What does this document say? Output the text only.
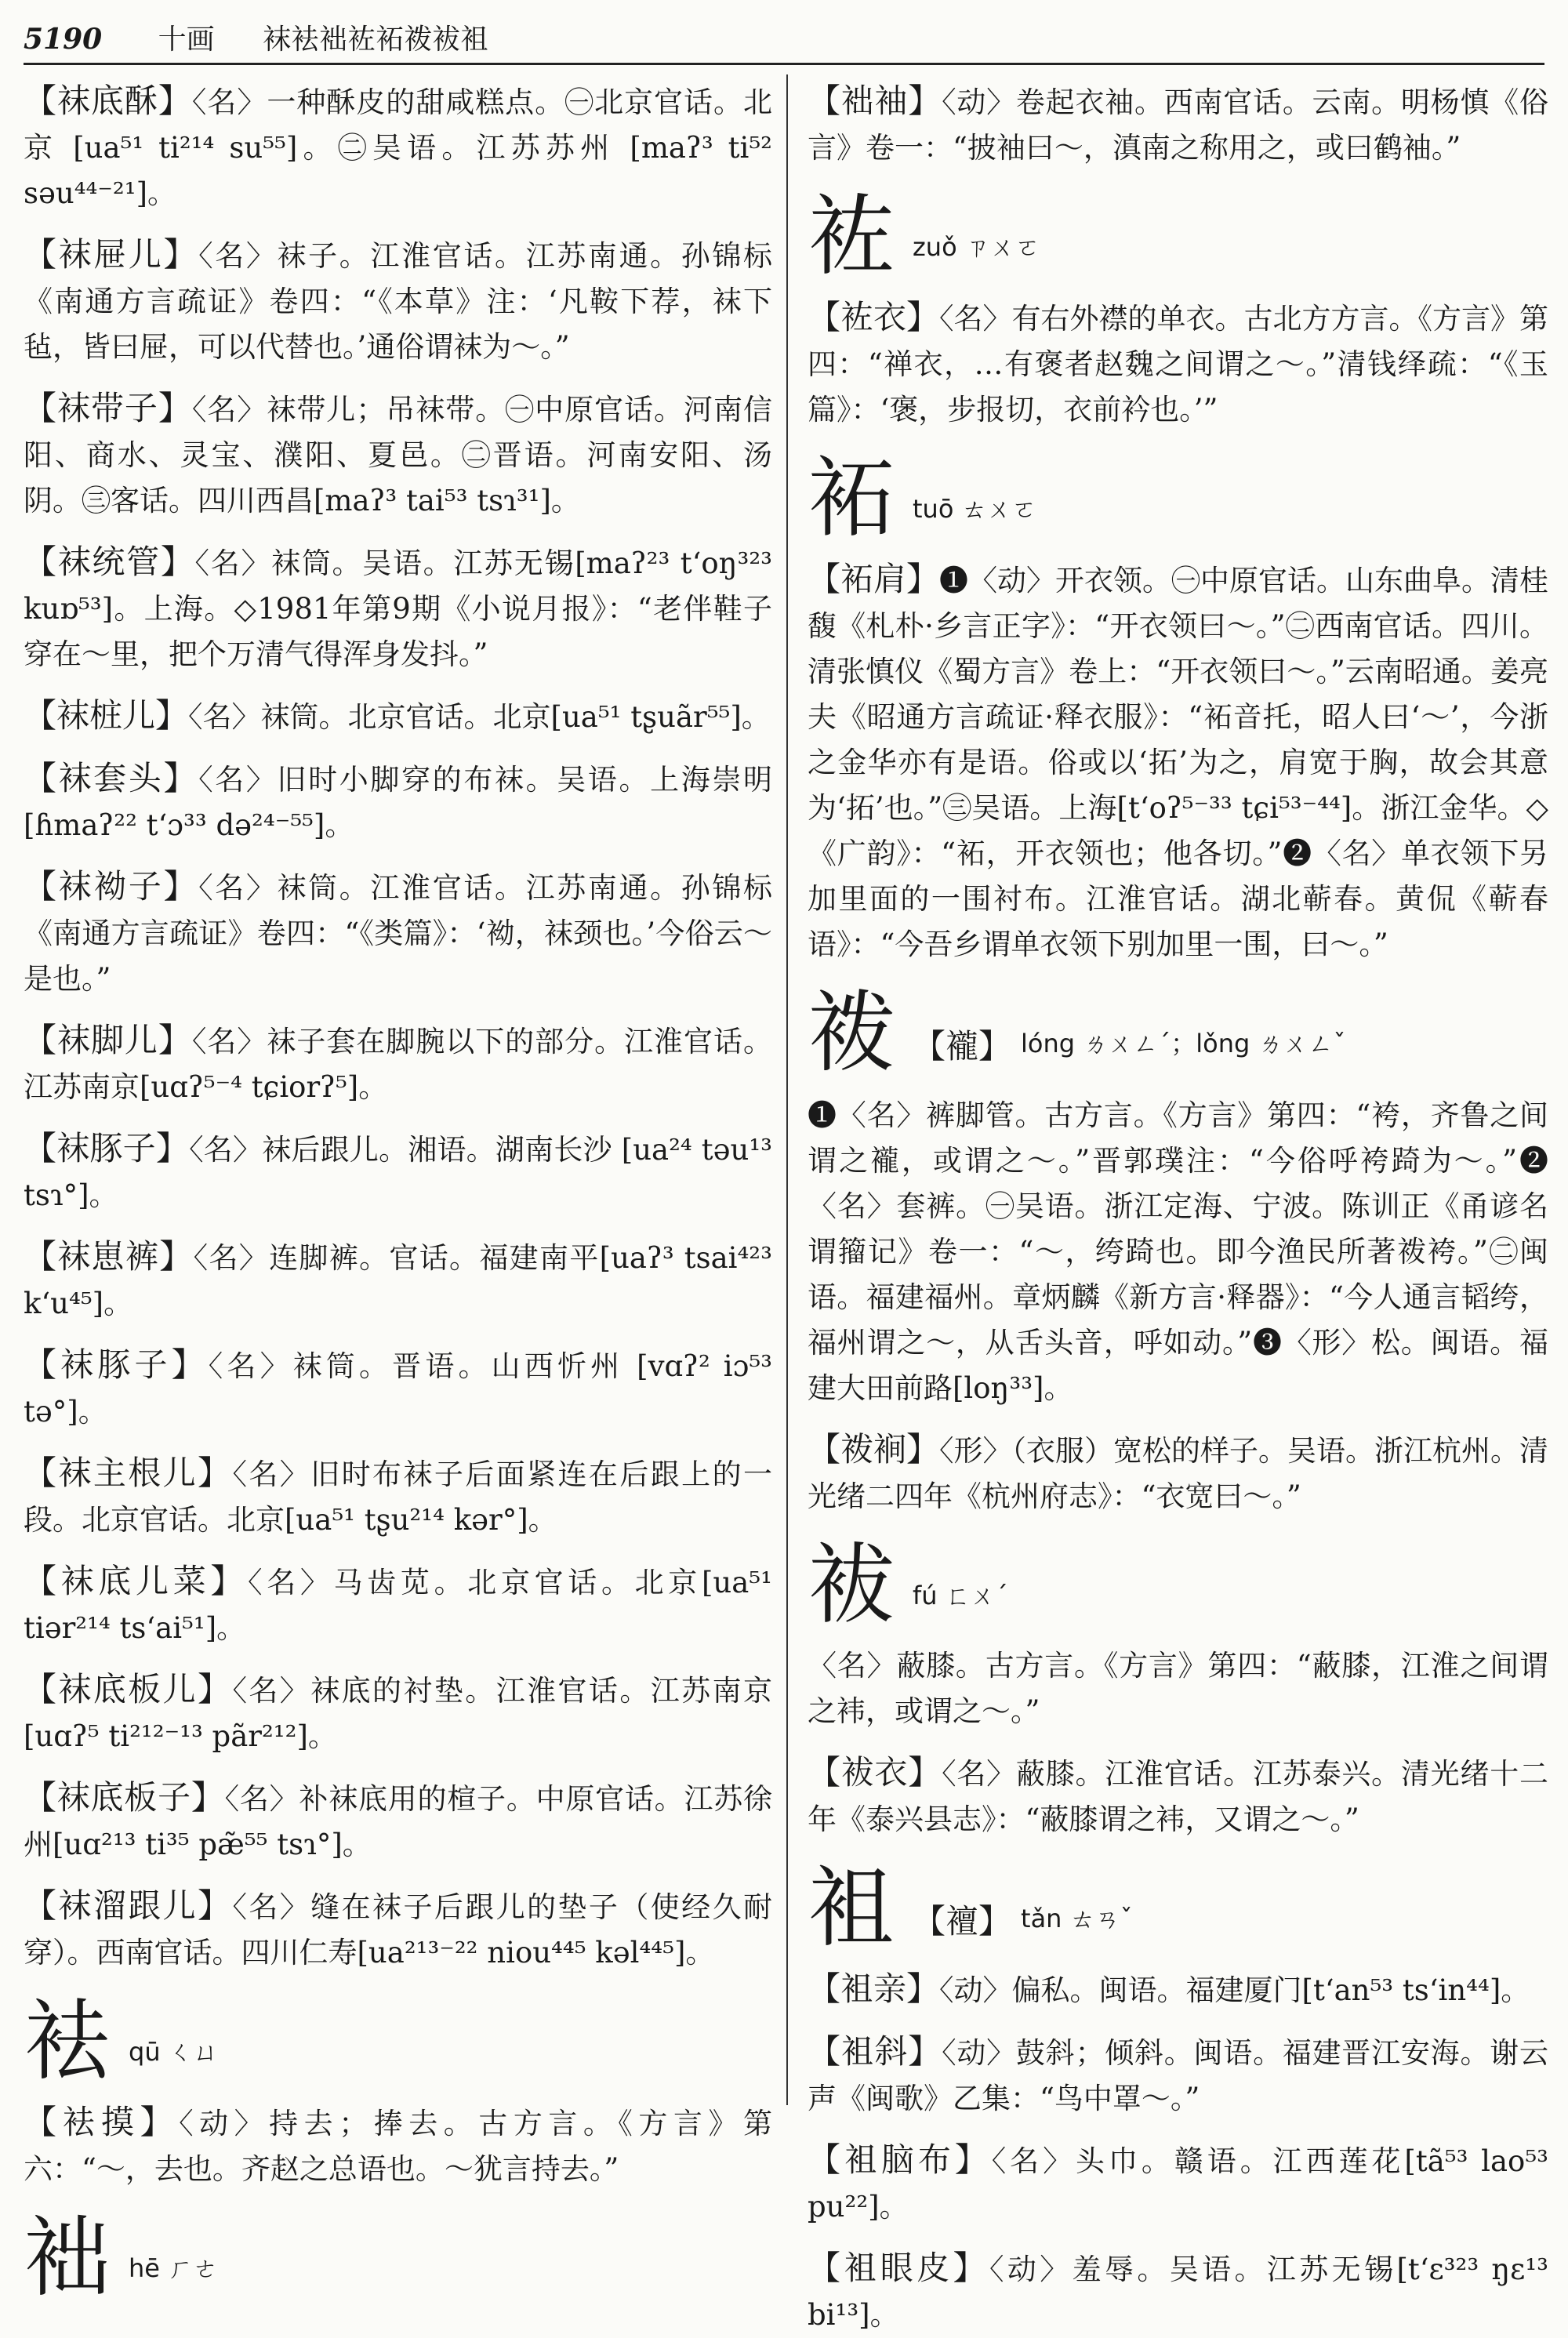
5190 十画 袜袪袦袏袥袯袚袓
【袜底酥】〈名〉一种酥皮的甜咸糕点。㊀北京官话。北京 [ua⁵¹ ti²¹⁴ su⁵⁵]。㊁吴语。江苏苏州 [maʔ³ ti⁵² səu⁴⁴⁻²¹]。
【袜屉儿】〈名〉袜子。江淮官话。江苏南通。孙锦标《南通方言疏证》卷四：“《本草》注：‘凡鞍下荐，袜下毡，皆曰屉，可以代替也。’通俗谓袜为～。”
【袜带子】〈名〉袜带儿；吊袜带。㊀中原官话。河南信阳、商水、灵宝、濮阳、夏邑。㊁晋语。河南安阳、汤阴。㊂客话。四川西昌[maʔ³ tai⁵³ tsɿ³¹]。
【袜统管】〈名〉袜筒。吴语。江苏无锡[maʔ²³ tʻoŋ³²³ kuɒ⁵³]。上海。◇1981年第9期《小说月报》：“老伴鞋子穿在～里，把个万清气得浑身发抖。”
【袜桩儿】〈名〉袜筒。北京官话。北京[ua⁵¹ tʂuãr⁵⁵]。
【袜套头】〈名〉旧时小脚穿的布袜。吴语。上海崇明[ɦmaʔ²² tʻɔ³³ də²⁴⁻⁵⁵]。
【袜袎子】〈名〉袜筒。江淮官话。江苏南通。孙锦标《南通方言疏证》卷四：“《类篇》：‘袎，袜颈也。’今俗云～是也。”
【袜脚儿】〈名〉袜子套在脚腕以下的部分。江淮官话。江苏南京[uɑʔ⁵⁻⁴ tɕiorʔ⁵]。
【袜豚子】〈名〉袜后跟儿。湘语。湖南长沙 [ua²⁴ təu¹³ tsɿ°]。
【袜崽裤】〈名〉连脚裤。官话。福建南平[uaʔ³ tsai⁴²³ kʻu⁴⁵]。
【袜豚子】〈名〉袜筒。晋语。山西忻州 [vɑʔ² iɔ⁵³ tə°]。
【袜主根儿】〈名〉旧时布袜子后面紧连在后跟上的一段。北京官话。北京[ua⁵¹ tʂu²¹⁴ kər°]。
【袜底儿菜】〈名〉马齿苋。北京官话。北京[ua⁵¹ tiər²¹⁴ tsʻai⁵¹]。
【袜底板儿】〈名〉袜底的衬垫。江淮官话。江苏南京[uɑʔ⁵ ti²¹²⁻¹³ pãr²¹²]。
【袜底板子】〈名〉补袜底用的楦子。中原官话。江苏徐州[uɑ²¹³ ti³⁵ pæ̃⁵⁵ tsɿ°]。
【袜溜跟儿】〈名〉缝在袜子后跟儿的垫子（使经久耐穿）。西南官话。四川仁寿[ua²¹³⁻²² niou⁴⁴⁵ kəl⁴⁴⁵]。
袪 qū ㄑㄩ
【袪摸】〈动〉持去；捧去。古方言。《方言》第六：“～，去也。齐赵之总语也。～犹言持去。”
袦 hē ㄏㄜ
【袦袖】〈动〉卷起衣袖。西南官话。云南。明杨慎《俗言》卷一：“披袖曰～，滇南之称用之，或曰鹤袖。”
袏 zuǒ ㄗㄨㄛ
【袏衣】〈名〉有右外襟的单衣。古北方方言。《方言》第四：“禅衣，…有褒者赵魏之间谓之～。”清钱绎疏：“《玉篇》：‘褒，步报切，衣前衿也。’”
袥 tuō ㄊㄨㄛ
【袥肩】❶〈动〉开衣领。㊀中原官话。山东曲阜。清桂馥《札朴·乡言正字》：“开衣领曰～。”㊁西南官话。四川。清张慎仪《蜀方言》卷上：“开衣领曰～。”云南昭通。姜亮夫《昭通方言疏证·释衣服》：“袥音托，昭人曰‘～’，今浙之金华亦有是语。俗或以‘拓’为之，肩宽于胸，故会其意为‘拓’也。”㊂吴语。上海[tʻoʔ⁵⁻³³ tɕi⁵³⁻⁴⁴]。浙江金华。◇《广韵》：“袥，开衣领也；他各切。”❷〈名〉单衣领下另加里面的一围衬布。江淮官话。湖北蕲春。黄侃《蕲春语》：“今吾乡谓单衣领下别加里一围，曰～。”
袯 【襱】 lóng ㄌㄨㄥˊ；lǒng ㄌㄨㄥˇ
❶〈名〉裤脚管。古方言。《方言》第四：“袴，齐鲁之间谓之襱，或谓之～。”晋郭璞注：“今俗呼袴踦为～。”❷〈名〉套裤。㊀吴语。浙江定海、宁波。陈训正《甬谚名谓籀记》卷一：“～，绔踦也。即今渔民所著袯袴。”㊁闽语。福建福州。章炳麟《新方言·释器》：“今人通言韬绔，福州谓之～，从舌头音，呼如动。”❸〈形〉松。闽语。福建大田前路[loŋ³³]。
【袯裥】〈形〉（衣服）宽松的样子。吴语。浙江杭州。清光绪二四年《杭州府志》：“衣宽曰～。”
袚 fú ㄈㄨˊ
〈名〉蔽膝。古方言。《方言》第四：“蔽膝，江淮之间谓之袆，或谓之～。”
【袚衣】〈名〉蔽膝。江淮官话。江苏泰兴。清光绪十二年《泰兴县志》：“蔽膝谓之袆，又谓之～。”
袓 【襢】 tǎn ㄊㄢˇ
【袓亲】〈动〉偏私。闽语。福建厦门[tʻan⁵³ tsʻin⁴⁴]。
【袓斜】〈动〉鼓斜；倾斜。闽语。福建晋江安海。谢云声《闽歌》乙集：“鸟中罩～。”
【袓脑布】〈名〉头巾。赣语。江西莲花[tã⁵³ lao⁵³ pu²²]。
【袓眼皮】〈动〉羞辱。吴语。江苏无锡[tʻɛ³²³ ŋɛ¹³ bi¹³]。
